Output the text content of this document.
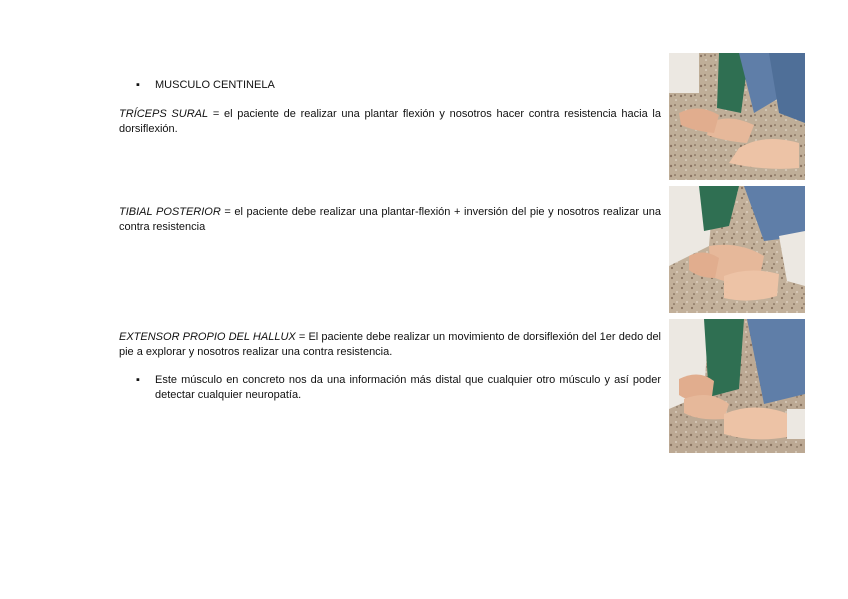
▪	MUSCULO CENTINELA
TRÍCEPS SURAL = el paciente de realizar una plantar flexión y nosotros hacer contra resistencia hacia la dorsiflexión.
TIBIAL POSTERIOR = el paciente debe realizar una plantar-flexión + inversión del pie y nosotros realizar una contra resistencia
EXTENSOR PROPIO DEL HALLUX = El paciente debe realizar un movimiento de dorsiflexión del 1er dedo del pie a explorar y nosotros realizar una contra resistencia.
▪	Este músculo en concreto nos da una información más distal que cualquier otro músculo y así poder detectar cualquier neuropatía.
